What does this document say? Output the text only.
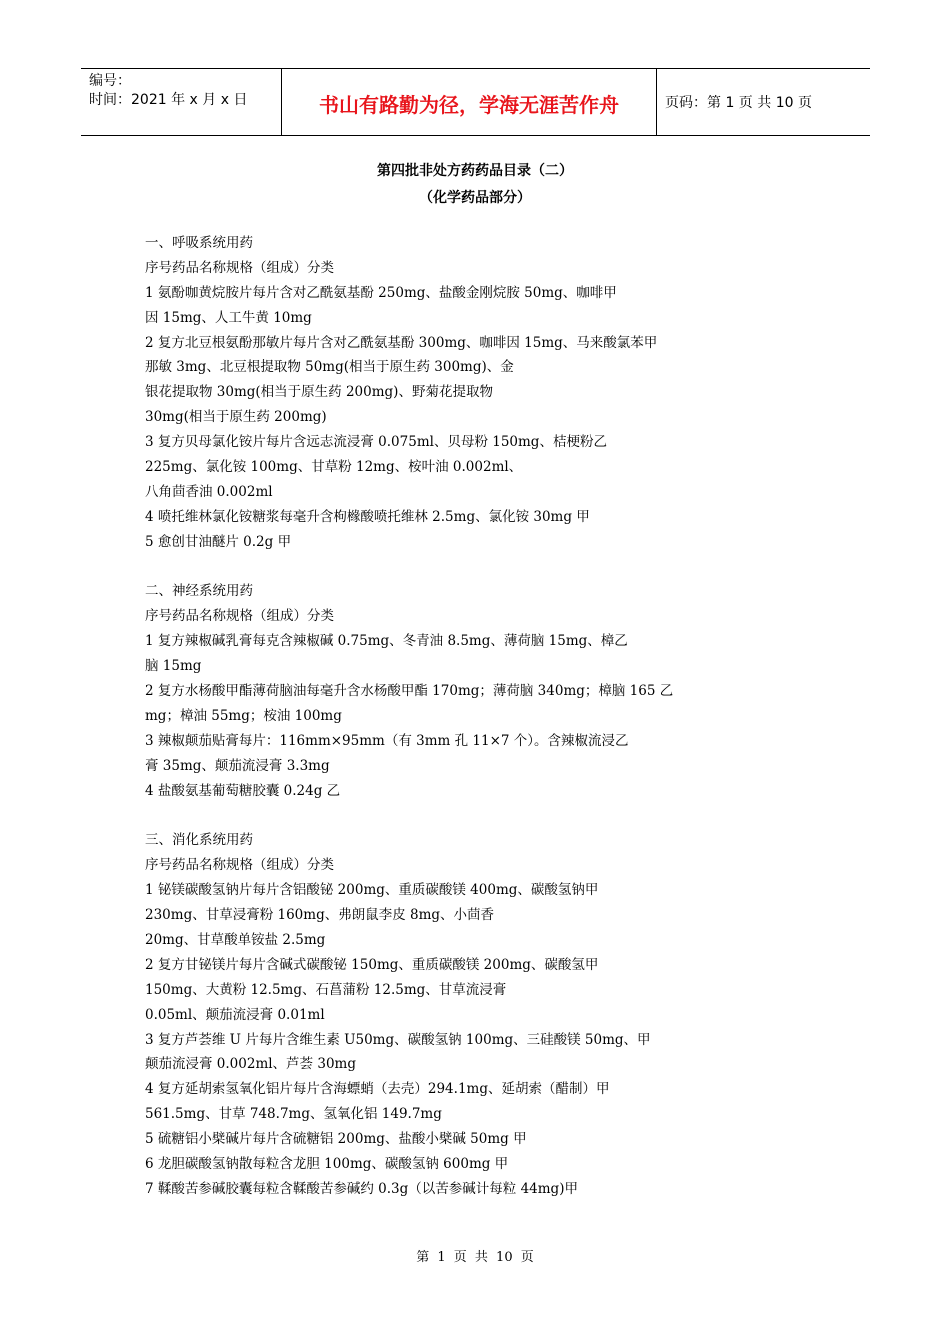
编号：
时间：2021 年 x 月 x 日	书山有路勤为径，学海无涯苦作舟	页码：第 1 页 共 10 页
第四批非处方药药品目录（二）
（化学药品部分）
一、呼吸系统用药
序号药品名称规格（组成）分类
1 氨酚咖黄烷胺片每片含对乙酰氨基酚 250mg、盐酸金刚烷胺 50mg、咖啡甲
因 15mg、人工牛黄 10mg
2 复方北豆根氨酚那敏片每片含对乙酰氨基酚 300mg、咖啡因 15mg、马来酸氯苯甲
那敏 3mg、北豆根提取物 50mg(相当于原生药 300mg)、金
银花提取物 30mg(相当于原生药 200mg)、野菊花提取物
30mg(相当于原生药 200mg)
3 复方贝母氯化铵片每片含远志流浸膏 0.075ml、贝母粉 150mg、桔梗粉乙
225mg、氯化铵 100mg、甘草粉 12mg、桉叶油 0.002ml、
八角茴香油 0.002ml
4 喷托维林氯化铵糖浆每毫升含枸橼酸喷托维林 2.5mg、氯化铵 30mg 甲
5 愈创甘油醚片 0.2g 甲
二、神经系统用药
序号药品名称规格（组成）分类
1 复方辣椒碱乳膏每克含辣椒碱 0.75mg、冬青油 8.5mg、薄荷脑 15mg、樟乙
脑 15mg
2 复方水杨酸甲酯薄荷脑油每毫升含水杨酸甲酯 170mg；薄荷脑 340mg；樟脑 165 乙
mg；樟油 55mg；桉油 100mg
3 辣椒颠茄贴膏每片：116mm×95mm（有 3mm 孔 11×7 个）。含辣椒流浸乙
膏 35mg、颠茄流浸膏 3.3mg
4 盐酸氨基葡萄糖胶囊 0.24g 乙
三、消化系统用药
序号药品名称规格（组成）分类
1 铋镁碳酸氢钠片每片含铝酸铋 200mg、重质碳酸镁 400mg、碳酸氢钠甲
230mg、甘草浸膏粉 160mg、弗朗鼠李皮 8mg、小茴香
20mg、甘草酸单铵盐 2.5mg
2 复方甘铋镁片每片含碱式碳酸铋 150mg、重质碳酸镁 200mg、碳酸氢甲
150mg、大黄粉 12.5mg、石菖蒲粉 12.5mg、甘草流浸膏
0.05ml、颠茄流浸膏 0.01ml
3 复方芦荟维 U 片每片含维生素 U50mg、碳酸氢钠 100mg、三硅酸镁 50mg、甲
颠茄流浸膏 0.002ml、芦荟 30mg
4 复方延胡索氢氧化铝片每片含海螵蛸（去壳）294.1mg、延胡索（醋制）甲
561.5mg、甘草 748.7mg、氢氧化铝 149.7mg
5 硫糖铝小檗碱片每片含硫糖铝 200mg、盐酸小檗碱 50mg 甲
6 龙胆碳酸氢钠散每粒含龙胆 100mg、碳酸氢钠 600mg 甲
7 鞣酸苦参碱胶囊每粒含鞣酸苦参碱约 0.3g（以苦参碱计每粒 44mg)甲
第 1 页 共 10 页
